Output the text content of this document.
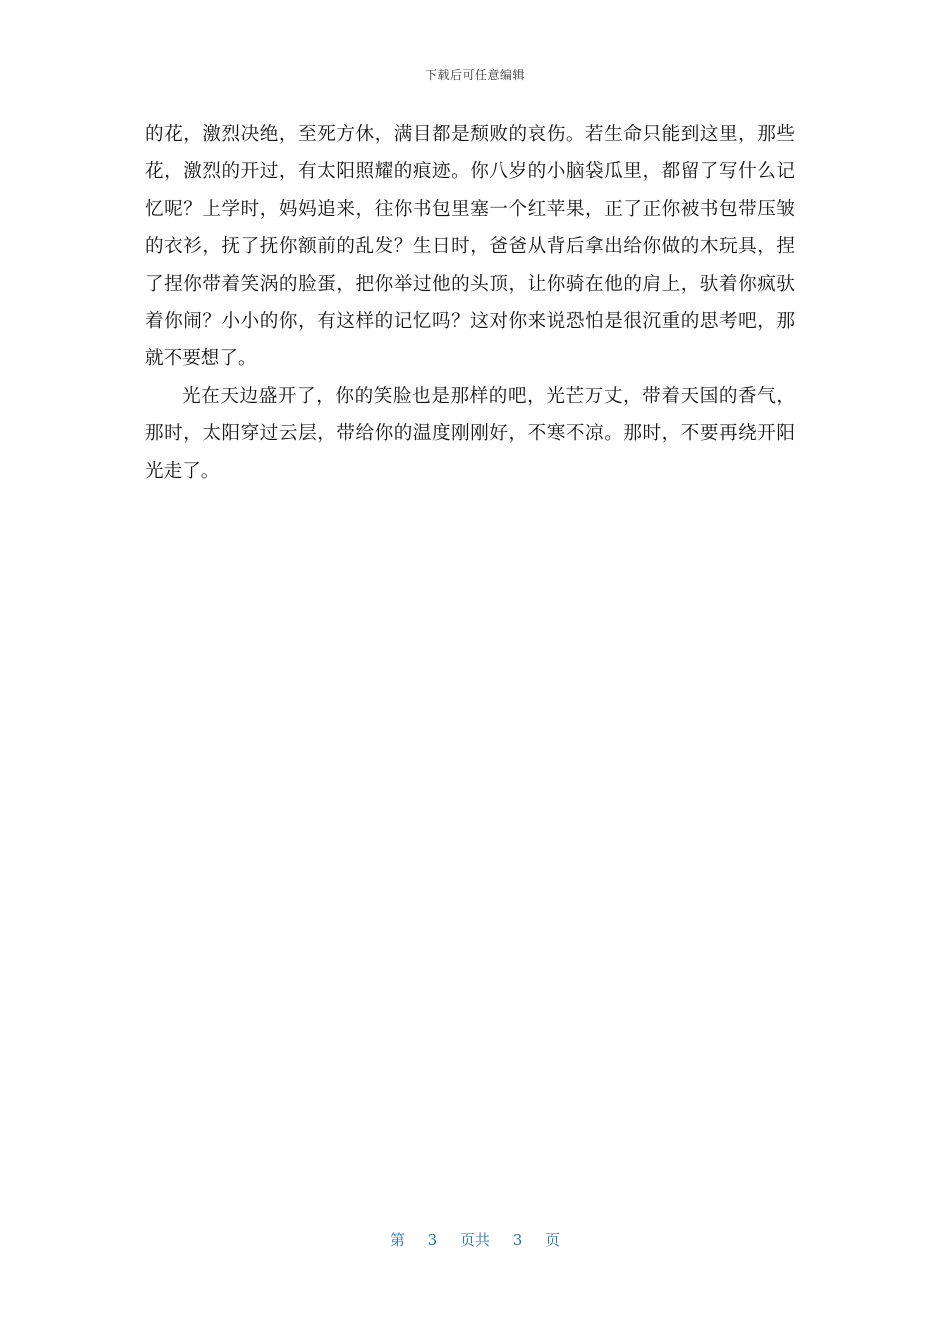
下载后可任意编辑
的花，激烈决绝，至死方休，满目都是颓败的哀伤。若生命只能到这里，那些
花，激烈的开过，有太阳照耀的痕迹。你八岁的小脑袋瓜里，都留了写什么记
忆呢？上学时，妈妈追来，往你书包里塞一个红苹果，正了正你被书包带压皱
的衣衫，抚了抚你额前的乱发？生日时，爸爸从背后拿出给你做的木玩具，捏
了捏你带着笑涡的脸蛋，把你举过他的头顶，让你骑在他的肩上，驮着你疯驮
着你闹？小小的你，有这样的记忆吗？这对你来说恐怕是很沉重的思考吧，那
就不要想了。
光在天边盛开了，你的笑脸也是那样的吧，光芒万丈，带着天国的香气，
那时，太阳穿过云层，带给你的温度刚刚好，不寒不凉。那时，不要再绕开阳
光走了。
第 3 页共 3 页
